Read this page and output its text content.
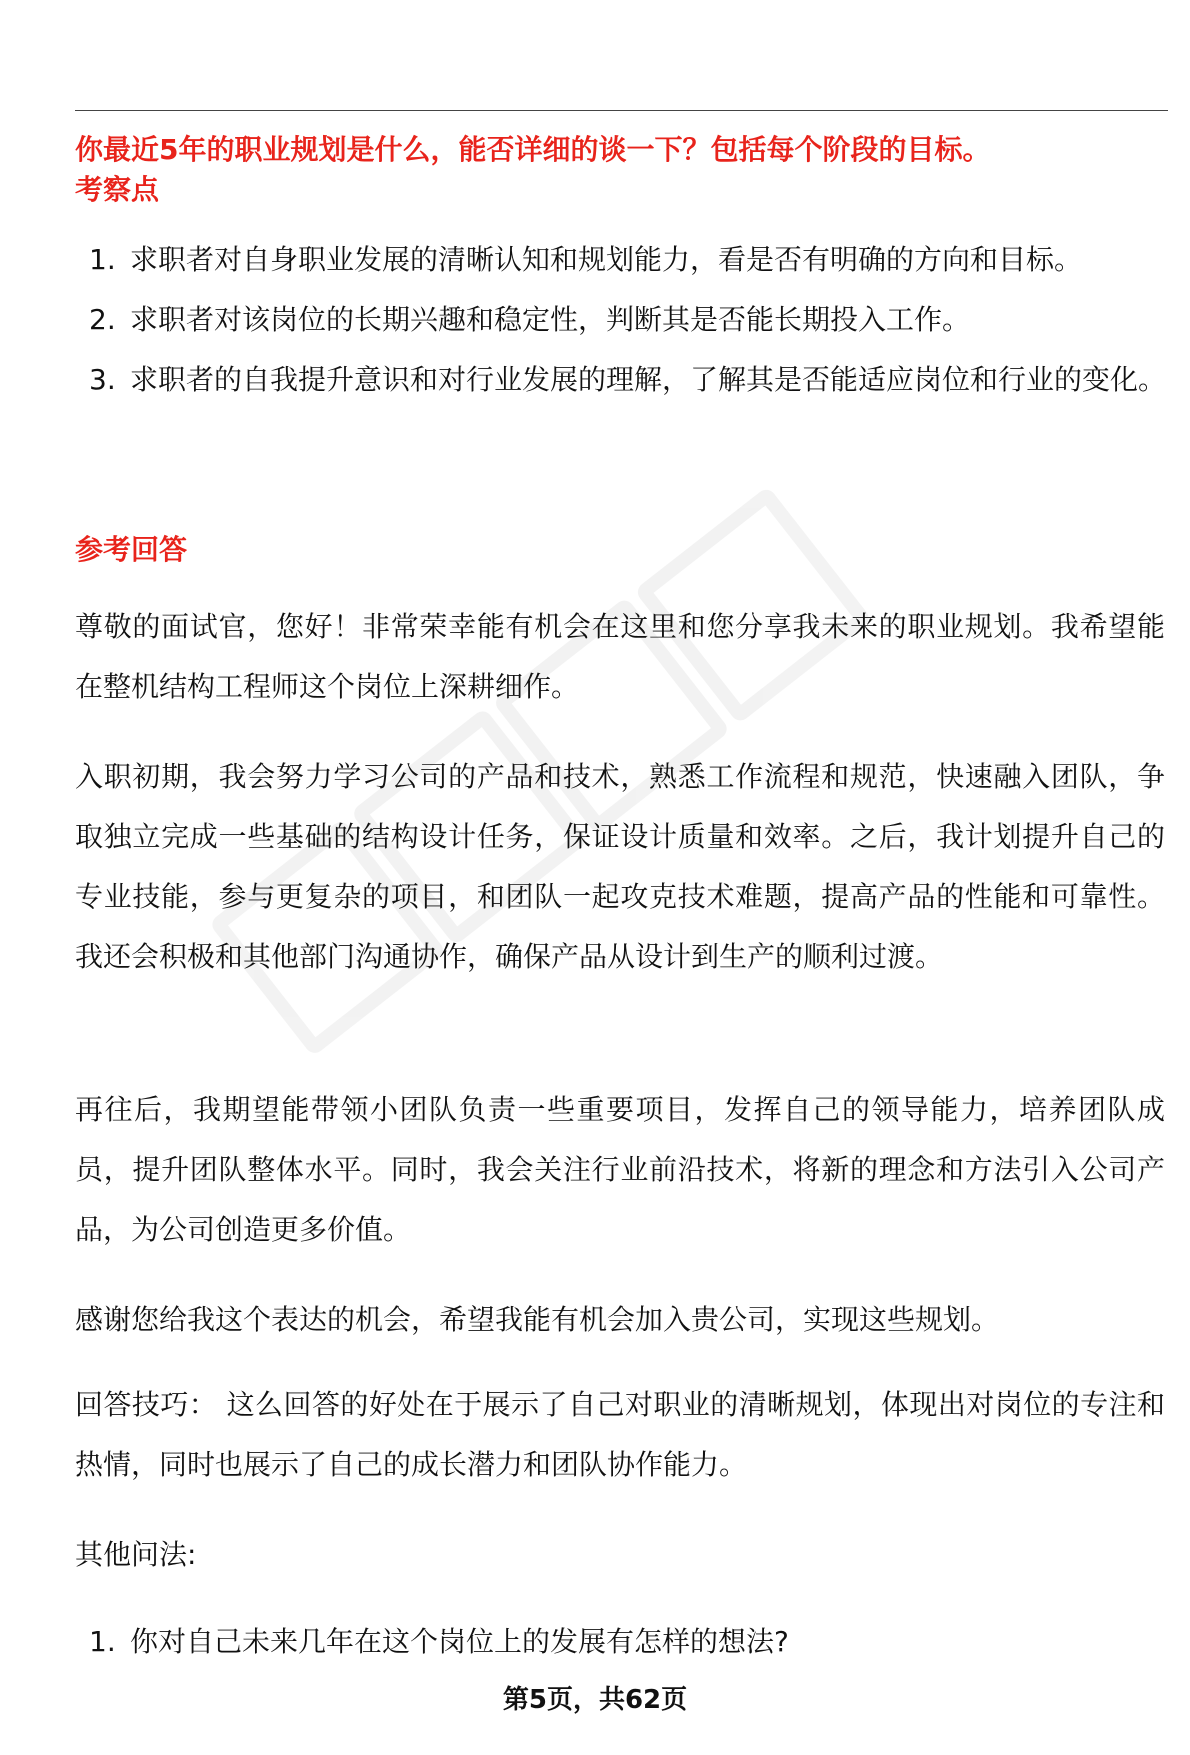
你最近5年的职业规划是什么，能否详细的谈一下？包括每个阶段的目标。
考察点
1. 求职者对自身职业发展的清晰认知和规划能力，看是否有明确的方向和目标。
2. 求职者对该岗位的长期兴趣和稳定性，判断其是否能长期投入工作。
3. 求职者的自我提升意识和对行业发展的理解，了解其是否能适应岗位和行业的变化。
参考回答
尊敬的面试官，您好！非常荣幸能有机会在这里和您分享我未来的职业规划。我希望能在整机结构工程师这个岗位上深耕细作。
入职初期，我会努力学习公司的产品和技术，熟悉工作流程和规范，快速融入团队，争取独立完成一些基础的结构设计任务，保证设计质量和效率。之后，我计划提升自己的专业技能，参与更复杂的项目，和团队一起攻克技术难题，提高产品的性能和可靠性。我还会积极和其他部门沟通协作，确保产品从设计到生产的顺利过渡。
再往后，我期望能带领小团队负责一些重要项目，发挥自己的领导能力，培养团队成员，提升团队整体水平。同时，我会关注行业前沿技术，将新的理念和方法引入公司产品，为公司创造更多价值。
感谢您给我这个表达的机会，希望我能有机会加入贵公司，实现这些规划。
回答技巧： 这么回答的好处在于展示了自己对职业的清晰规划，体现出对岗位的专注和热情，同时也展示了自己的成长潜力和团队协作能力。
其他问法:
1. 你对自己未来几年在这个岗位上的发展有怎样的想法?
第5页，共62页
